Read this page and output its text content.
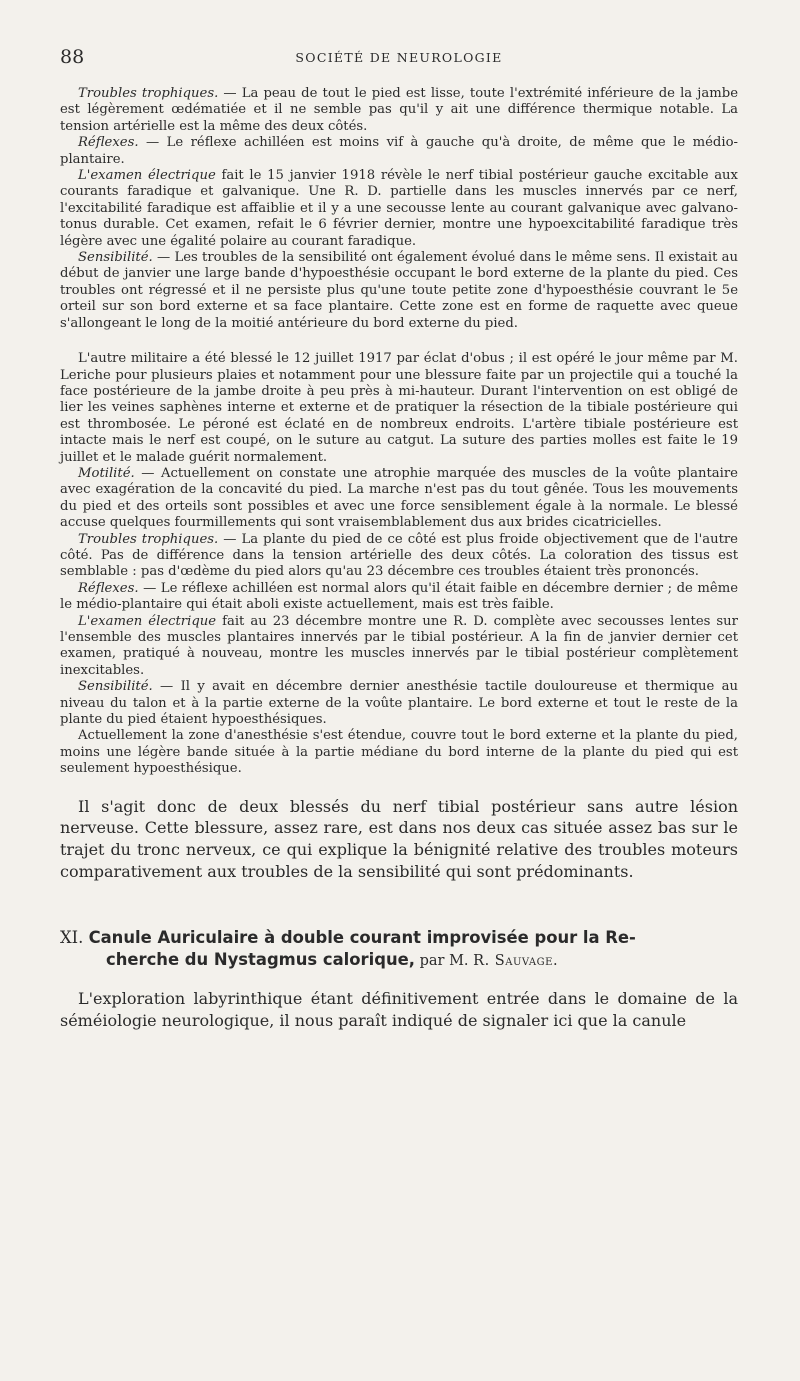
88	SOCIÉTÉ DE NEUROLOGIE

Troubles trophiques. — La peau de tout le pied est lisse, toute l'extrémité inférieure de la jambe est légèrement œdématiée et il ne semble pas qu'il y ait une différence thermique notable. La tension artérielle est la même des deux côtés.

Réflexes. — Le réflexe achilléen est moins vif à gauche qu'à droite, de même que le médio-plantaire.

L'examen électrique fait le 15 janvier 1918 révèle le nerf tibial postérieur gauche excitable aux courants faradique et galvanique. Une R. D. partielle dans les muscles innervés par ce nerf, l'excitabilité faradique est affaiblie et il y a une secousse lente au courant galvanique avec galvano-tonus durable. Cet examen, refait le 6 février dernier, montre une hypoexcitabilité faradique très légère avec une égalité polaire au courant faradique.

Sensibilité. — Les troubles de la sensibilité ont également évolué dans le même sens. Il existait au début de janvier une large bande d'hypoesthésie occupant le bord externe de la plante du pied. Ces troubles ont régressé et il ne persiste plus qu'une toute petite zone d'hypoesthésie couvrant le 5e orteil sur son bord externe et sa face plantaire. Cette zone est en forme de raquette avec queue s'allongeant le long de la moitié antérieure du bord externe du pied.

L'autre militaire a été blessé le 12 juillet 1917 par éclat d'obus ; il est opéré le jour même par M. Leriche pour plusieurs plaies et notamment pour une blessure faite par un projectile qui a touché la face postérieure de la jambe droite à peu près à mi-hauteur. Durant l'intervention on est obligé de lier les veines saphènes interne et externe et de pratiquer la résection de la tibiale postérieure qui est thrombosée. Le péroné est éclaté en de nombreux endroits. L'artère tibiale postérieure est intacte mais le nerf est coupé, on le suture au catgut. La suture des parties molles est faite le 19 juillet et le malade guérit normalement.

Motilité. — Actuellement on constate une atrophie marquée des muscles de la voûte plantaire avec exagération de la concavité du pied. La marche n'est pas du tout gênée. Tous les mouvements du pied et des orteils sont possibles et avec une force sensiblement égale à la normale. Le blessé accuse quelques fourmillements qui sont vraisemblablement dus aux brides cicatricielles.

Troubles trophiques. — La plante du pied de ce côté est plus froide objectivement que de l'autre côté. Pas de différence dans la tension artérielle des deux côtés. La coloration des tissus est semblable : pas d'œdème du pied alors qu'au 23 décembre ces troubles étaient très prononcés.

Réflexes. — Le réflexe achilléen est normal alors qu'il était faible en décembre dernier ; de même le médio-plantaire qui était aboli existe actuellement, mais est très faible.

L'examen électrique fait au 23 décembre montre une R. D. complète avec secousses lentes sur l'ensemble des muscles plantaires innervés par le tibial postérieur. A la fin de janvier dernier cet examen, pratiqué à nouveau, montre les muscles innervés par le tibial postérieur complètement inexcitables.

Sensibilité. — Il y avait en décembre dernier anesthésie tactile douloureuse et thermique au niveau du talon et à la partie externe de la voûte plantaire. Le bord externe et tout le reste de la plante du pied étaient hypoesthésiques.

Actuellement la zone d'anesthésie s'est étendue, couvre tout le bord externe et la plante du pied, moins une légère bande située à la partie médiane du bord interne de la plante du pied qui est seulement hypoesthésique.

Il s'agit donc de deux blessés du nerf tibial postérieur sans autre lésion nerveuse. Cette blessure, assez rare, est dans nos deux cas située assez bas sur le trajet du tronc nerveux, ce qui explique la bénignité relative des troubles moteurs comparativement aux troubles de la sensibilité qui sont prédominants.

XI. Canule Auriculaire à double courant improvisée pour la Re-
cherche du Nystagmus calorique, par M. R. Sauvage.

L'exploration labyrinthique étant définitivement entrée dans le domaine de la séméiologie neurologique, il nous paraît indiqué de signaler ici que la canule
